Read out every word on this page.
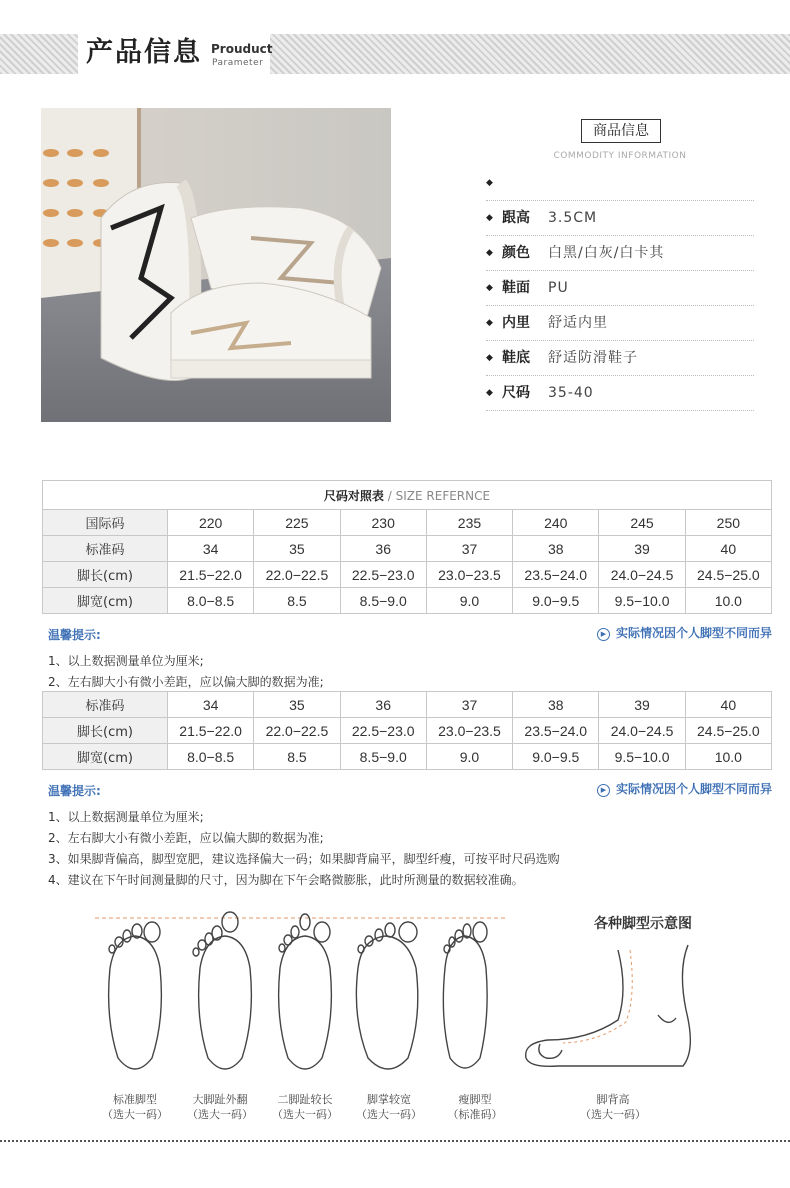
产品信息 Prouduct
Parameter
商品信息
COMMODITY INFORMATION
◆
◆ 跟高 3.5CM
◆ 颜色 白黑/白灰/白卡其
◆ 鞋面 PU
◆ 内里 舒适内里
◆ 鞋底 舒适防滑鞋子
◆ 尺码 35-40
尺码对照表 / SIZE REFERNCE							
国际码	220	225	230	235	240	245	250
标准码	34	35	36	37	38	39	40
脚长(cm)	21.5−22.0	22.0−22.5	22.5−23.0	23.0−23.5	23.5−24.0	24.0−24.5	24.5−25.0
脚宽(cm)	8.0−8.5	8.5	8.5−9.0	9.0	9.0−9.5	9.5−10.0	10.0
温馨提示:	▶ 实际情况因个人脚型不同而异
1、以上数据测量单位为厘米;
2、左右脚大小有微小差距，应以偏大脚的数据为准;
标准码	34	35	36	37	38	39	40
脚长(cm)	21.5−22.0	22.0−22.5	22.5−23.0	23.0−23.5	23.5−24.0	24.0−24.5	24.5−25.0
脚宽(cm)	8.0−8.5	8.5	8.5−9.0	9.0	9.0−9.5	9.5−10.0	10.0
温馨提示:	▶ 实际情况因个人脚型不同而异
1、以上数据测量单位为厘米;
2、左右脚大小有微小差距，应以偏大脚的数据为准;
3、如果脚背偏高，脚型宽肥，建议选择偏大一码；如果脚背扁平，脚型纤瘦，可按平时尺码选购
4、建议在下午时间测量脚的尺寸，因为脚在下午会略微膨胀，此时所测量的数据较准确。
各种脚型示意图
标准脚型
（选大一码）
大脚趾外翻
（选大一码）
二脚趾较长
（选大一码）
脚掌较宽
（选大一码）
瘦脚型
（标准码）
脚背高
（选大一码）
